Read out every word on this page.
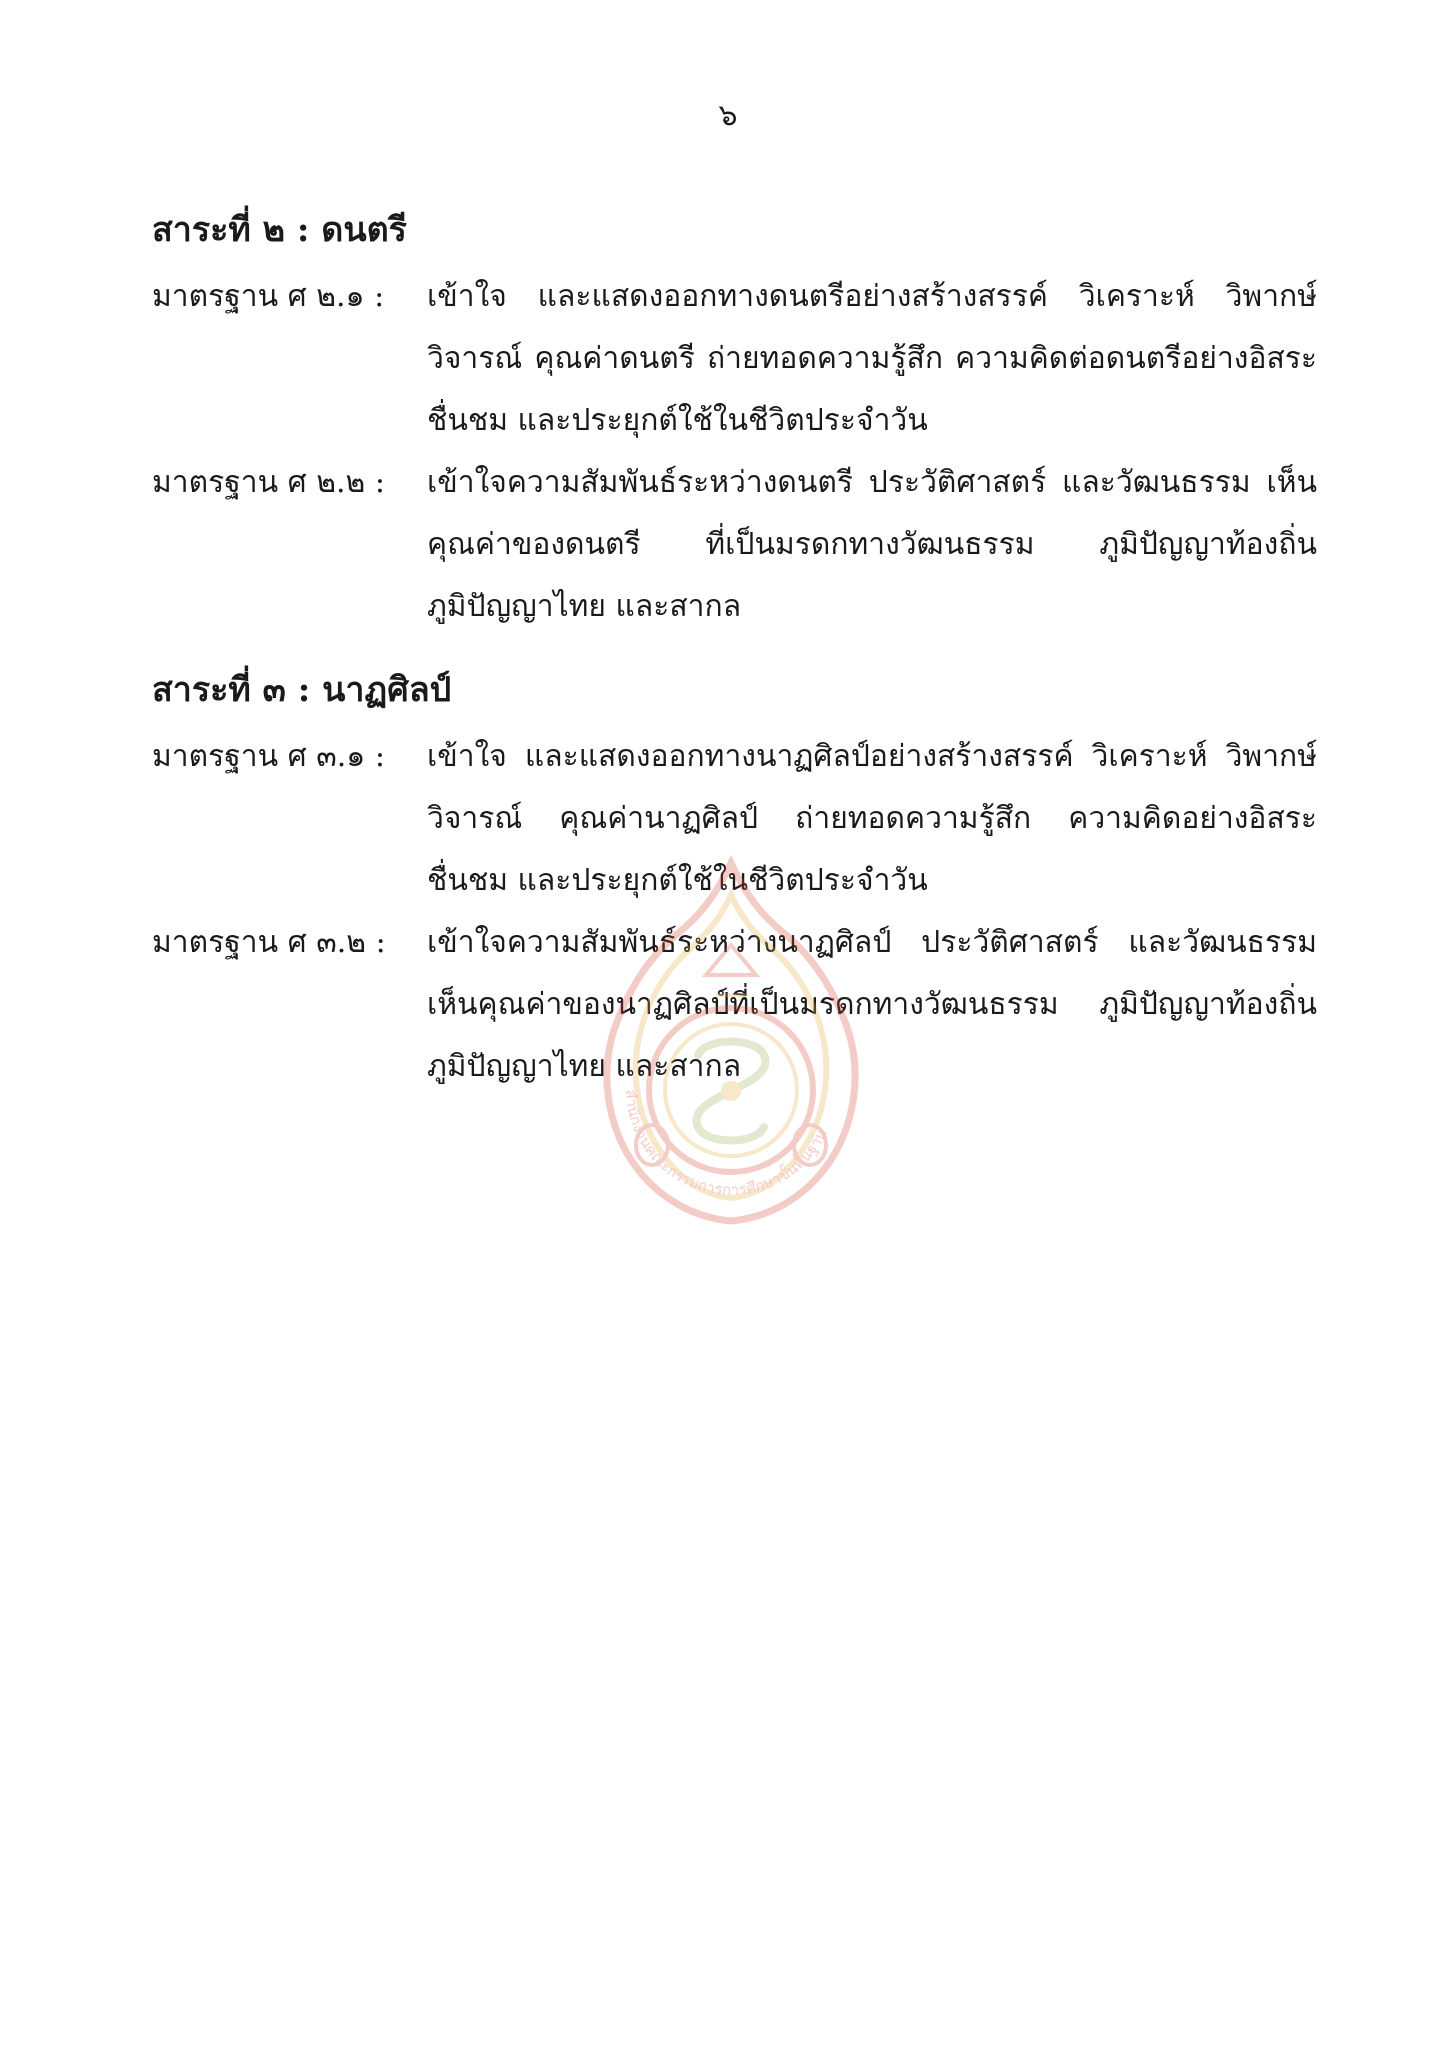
๖
สาระที่ ๒ : ดนตรี
มาตรฐาน ศ ๒.๑ :	เข้าใจ และแสดงออกทางดนตรีอย่างสร้างสรรค์ วิเคราะห์ วิพากษ์วิจารณ์ คุณค่าดนตรี ถ่ายทอดความรู้สึก ความคิดต่อดนตรีอย่างอิสระ ชื่นชม และประยุกต์ใช้ในชีวิตประจำวัน
มาตรฐาน ศ ๒.๒ :	เข้าใจความสัมพันธ์ระหว่างดนตรี ประวัติศาสตร์ และวัฒนธรรม เห็นคุณค่าของดนตรี ที่เป็นมรดกทางวัฒนธรรม ภูมิปัญญาท้องถิ่น ภูมิปัญญาไทย และสากล
สาระที่ ๓ : นาฏศิลป์
มาตรฐาน ศ ๓.๑ :	เข้าใจ และแสดงออกทางนาฏศิลป์อย่างสร้างสรรค์ วิเคราะห์ วิพากษ์วิจารณ์ คุณค่านาฏศิลป์ ถ่ายทอดความรู้สึก ความคิดอย่างอิสระ ชื่นชม และประยุกต์ใช้ในชีวิตประจำวัน
มาตรฐาน ศ ๓.๒ :	เข้าใจความสัมพันธ์ระหว่างนาฏศิลป์ ประวัติศาสตร์ และวัฒนธรรม เห็นคุณค่าของนาฏศิลป์ที่เป็นมรดกทางวัฒนธรรม ภูมิปัญญาท้องถิ่น ภูมิปัญญาไทย และสากล
สำนักงานคณะกรรมการการศึกษาขั้นพื้นฐาน
